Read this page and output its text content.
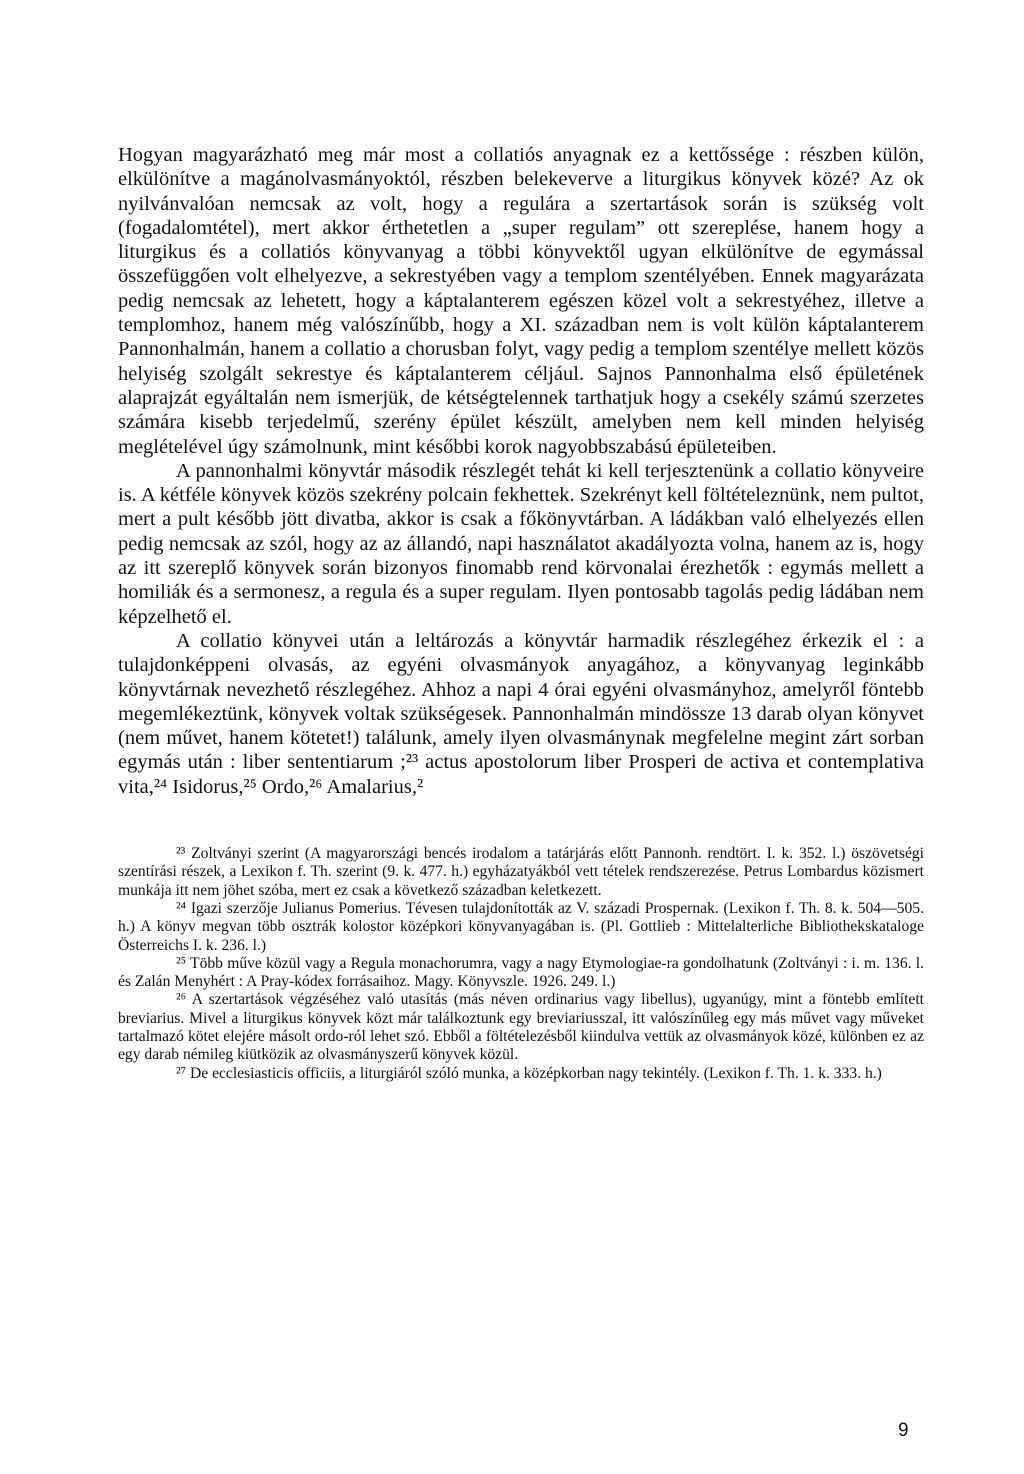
Hogyan magyarázható meg már most a collatiós anyagnak ez a kettőssége : részben külön, elkülönítve a magánolvasmányoktól, részben belekeverve a liturgikus könyvek közé? Az ok nyilvánvalóan nemcsak az volt, hogy a regulára a szertartások során is szükség volt (fogadalomtétel), mert akkor érthetetlen a „super regulam” ott szereplése, hanem hogy a liturgikus és a collatiós könyvanyag a többi könyvektől ugyan elkülönítve de egymással összefüggően volt elhelyezve, a sekrestyében vagy a templom szentélyében. Ennek magyarázata pedig nemcsak az lehetett, hogy a káptalanterem egészen közel volt a sekrestyéhez, illetve a templomhoz, hanem még valószínűbb, hogy a XI. században nem is volt külön káptalanterem Pannonhalmán, hanem a collatio a chorusban folyt, vagy pedig a templom szentélye mellett közös helyiség szolgált sekrestye és káptalanterem céljául. Sajnos Pannonhalma első épületének alaprajzát egyáltalán nem ismerjük, de kétségtelennek tarthatjuk hogy a csekély számú szerzetes számára kisebb terjedelmű, szerény épület készült, amelyben nem kell minden helyiség meglételével úgy számolnunk, mint későbbi korok nagyobbszabású épületeiben.

A pannonhalmi könyvtár második részlegét tehát ki kell terjesztenünk a collatio könyveire is. A kétféle könyvek közös szekrény polcain fekhettek. Szekrényt kell föltételeznünk, nem pultot, mert a pult később jött divatba, akkor is csak a főkönyvtárban. A ládákban való elhelyezés ellen pedig nemcsak az szól, hogy az az állandó, napi használatot akadályozta volna, hanem az is, hogy az itt szereplő könyvek során bizonyos finomabb rend körvonalai érezhetők : egymás mellett a homiliák és a sermonesz, a regula és a super regulam. Ilyen pontosabb tagolás pedig ládában nem képzelhető el.

A collatio könyvei után a leltározás a könyvtár harmadik részlegéhez érkezik el : a tulajdonképpeni olvasás, az egyéni olvasmányok anyagához, a könyvanyag leginkább könyvtárnak nevezhető részlegéhez. Ahhoz a napi 4 órai egyéni olvasmányhoz, amelyről föntebb megemlékeztünk, könyvek voltak szükségesek. Pannonhalmán mindössze 13 darab olyan könyvet (nem művet, hanem kötetet!) találunk, amely ilyen olvasmánynak megfelelne megint zárt sorban egymás után : liber sententiarum ;²³ actus apostolorum liber Prosperi de activa et contemplativa vita,²⁴ Isidorus,²⁵ Ordo,²⁶ Amalarius,²

²³ Zoltványi szerint (A magyarországi bencés irodalom a tatárjárás előtt Pannonh. rendtört. I. k. 352. l.) öszövetségi szentírási részek, a Lexikon f. Th. szerint (9. k. 477. h.) egyházatyákból vett tételek rendszerezése. Petrus Lombardus közismert munkája itt nem jöhet szóba, mert ez csak a következő században keletkezett.

²⁴ Igazi szerzője Julianus Pomerius. Tévesen tulajdonították az V. századi Prospernak. (Lexikon f. Th. 8. k. 504—505. h.) A könyv megvan több osztrák kolostor középkori könyvanyagában is. (Pl. Gottlieb : Mittelalterliche Bibliothekskataloge Österreichs I. k. 236. l.)

²⁵ Több műve közül vagy a Regula monachorumra, vagy a nagy Etymologiae-ra gondolhatunk (Zoltványi : i. m. 136. l. és Zalán Menyhért : A Pray-kódex forrásaihoz. Magy. Könyvszle. 1926. 249. l.)

²⁶ A szertartások végzéséhez való utasítás (más néven ordinarius vagy libellus), ugyanúgy, mint a föntebb említett breviarius. Mivel a liturgikus könyvek közt már találkoztunk egy breviariusszal, itt valószínűleg egy más művet vagy műveket tartalmazó kötet elejére másolt ordo-ról lehet szó. Ebből a föltételezésből kiindulva vettük az olvasmányok közé, különben ez az egy darab némileg kiütközik az olvasmányszerű könyvek közül.

²⁷ De ecclesiasticis officiis, a liturgiáról szóló munka, a középkorban nagy tekintély. (Lexikon f. Th. 1. k. 333. h.)

9
